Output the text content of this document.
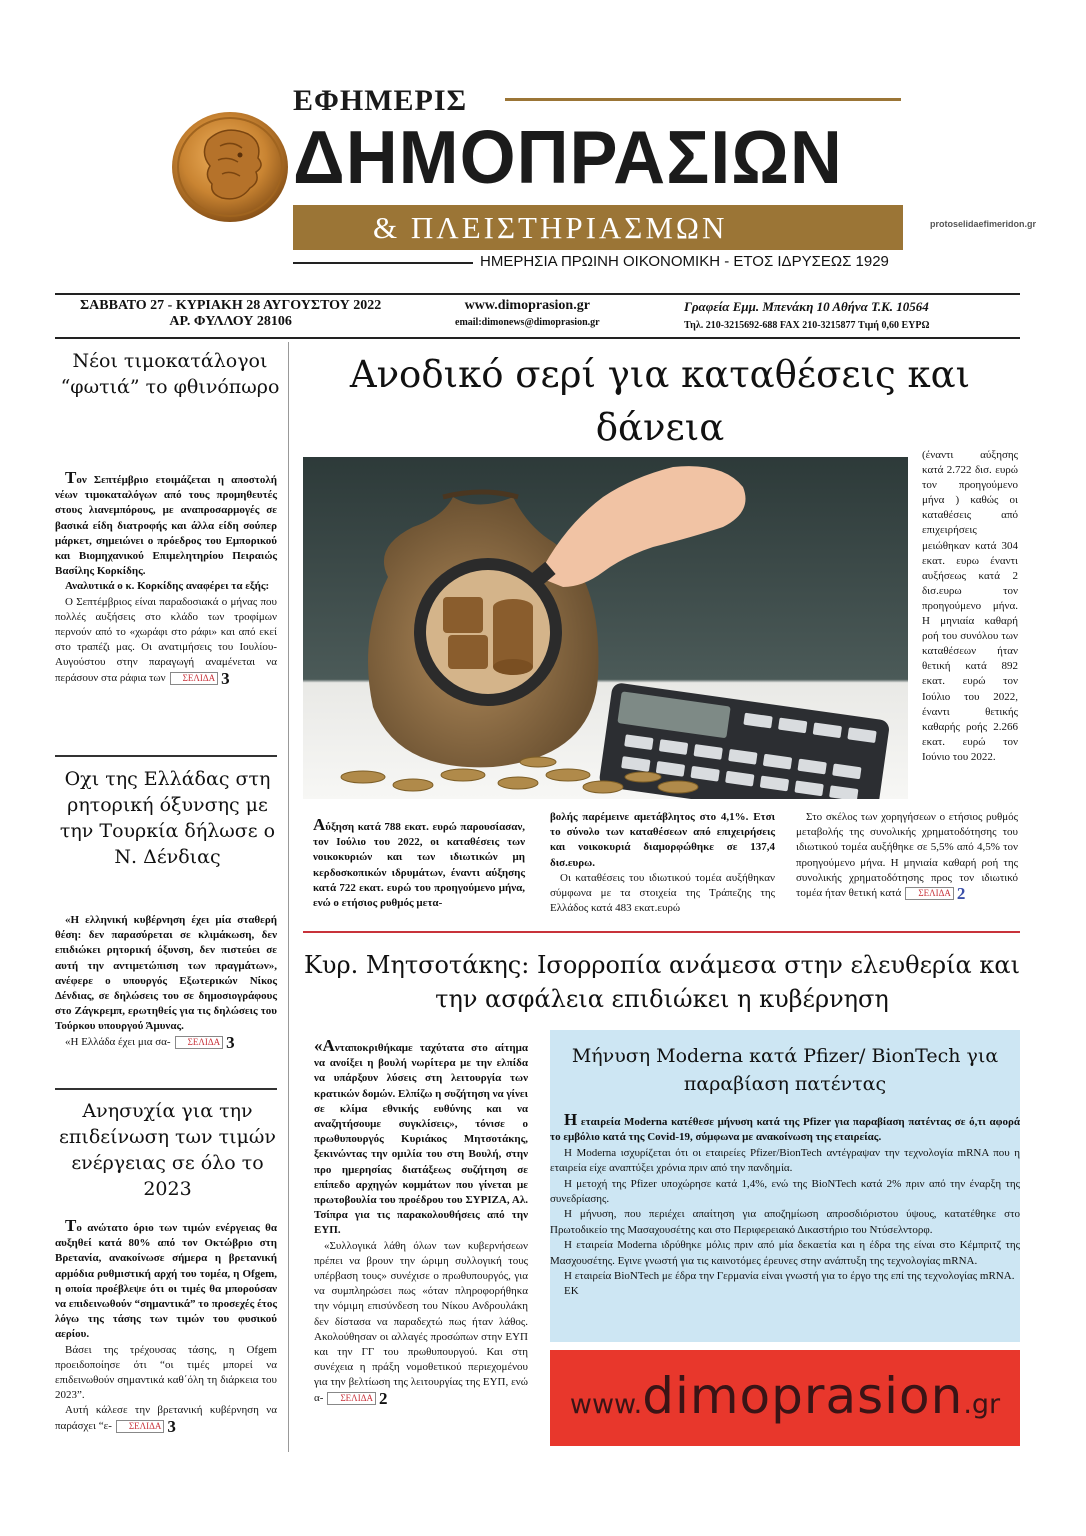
ΕΦΗΜΕΡΙΣ
ΔΗΜΟΠΡΑΣΙΩΝ
& ΠΛΕΙΣΤΗΡΙΑΣΜΩΝ
ΗΜΕΡΗΣΙΑ ΠΡΩΙΝΗ ΟΙΚΟΝΟΜΙΚΗ - ΕΤΟΣ ΙΔΡΥΣΕΩΣ 1929
protoselidaefimeridon.gr
ΣΑΒΒΑΤΟ 27 - ΚΥΡΙΑΚΗ 28 ΑΥΓΟΥΣΤΟΥ 2022
ΑΡ. ΦΥΛΛΟΥ 28106
www.dimoprasion.gr
email:dimonews@dimoprasion.gr
Γραφεία Εμμ. Μπενάκη 10 Αθήνα Τ.Κ. 10564
Τηλ. 210-3215692-688 FAX 210-3215877 Τιμή 0,60 ΕΥΡΩ
Νέοι τιμοκατάλογοι “φωτιά” το φθινόπωρο

Τον Σεπτέμβριο ετοιμάζεται η αποστολή νέων τιμοκαταλόγων από τους προμηθευτές στους λιανεμπόρους, με αναπροσαρμογές σε βασικά είδη διατροφής και άλλα είδη σούπερ μάρκετ, σημειώνει ο πρόεδρος του Εμπορικού και Βιομηχανικού Επιμελητηρίου Πειραιώς Βασίλης Κορκίδης.

Αναλυτικά ο κ. Κορκίδης αναφέρει τα εξής:

Ο Σεπτέμβριος είναι παραδοσιακά ο μήνας που πολλές αυξήσεις στο κλάδο των τροφίμων περνούν από το «χωράφι στο ράφι» και από εκεί στο τραπέζι μας. Οι ανατιμήσεις του Ιουλίου-Αυγούστου στην παραγωγή αναμένεται να περάσουν στα ράφια των ΣΕΛΙΔΑ 3

Οχι της Ελλάδας στη ρητορική όξυνσης με την Τουρκία δήλωσε ο Ν. Δένδιας

«Η ελληνική κυβέρνηση έχει μία σταθερή θέση: δεν παρασύρεται σε κλιμάκωση, δεν επιδιώκει ρητορική όξυνση, δεν πιστεύει σε αυτή την αντιμετώπιση των πραγμάτων», ανέφερε ο υπουργός Εξωτερικών Νίκος Δένδιας, σε δηλώσεις του σε δημοσιογράφους στο Ζάγκρεμπ, ερωτηθείς για τις δηλώσεις του Τούρκου υπουργού Άμυνας.

«Η Ελλάδα έχει μια σα- ΣΕΛΙΔΑ 3

Ανησυχία για την επιδείνωση των τιμών ενέργειας σε όλο το 2023

Το ανώτατο όριο των τιμών ενέργειας θα αυξηθεί κατά 80% από τον Οκτώβριο στη Βρετανία, ανακοίνωσε σήμερα η βρετανική αρμόδια ρυθμιστική αρχή του τομέα, η Ofgem, η οποία προέβλεψε ότι οι τιμές θα μπορούσαν να επιδεινωθούν “σημαντικά” το προσεχές έτος λόγω της τάσης των τιμών του φυσικού αερίου.

Βάσει της τρέχουσας τάσης, η Ofgem προειδοποίησε ότι “οι τιμές μπορεί να επιδεινωθούν σημαντικά καθ΄όλη τη διάρκεια του 2023”.

Αυτή κάλεσε την βρετανική κυβέρνηση να παράσχει “ε- ΣΕΛΙΔΑ 3

Ανοδικό σερί για καταθέσεις και δάνεια
(έναντι αύξησης κατά 2.722 δισ. ευρώ τον προηγούμενο μήνα ) καθώς οι καταθέσεις από επιχειρήσεις μειώθηκαν κατά 304 εκατ. ευρω έναντι αυξήσεως κατά 2 δισ.ευρω τον προηγούμενο μήνα. Η μηνιαία καθαρή ροή του συνόλου των καταθέσεων ήταν θετική κατά 892 εκατ. ευρώ τον Ιούλιο του 2022, έναντι θετικής καθαρής ροής 2.266 εκατ. ευρώ τον Ιούνιο του 2022.

Αύξηση κατά 788 εκατ. ευρώ παρουσίασαν, τον Ιούλιο του 2022, οι καταθέσεις των νοικοκυριών και των ιδιωτικών μη κερδοσκοπικών ιδρυμάτων, έναντι αύξησης κατά 722 εκατ. ευρώ του προηγούμενο μήνα, ενώ ο ετήσιος ρυθμός μετα-

βολής παρέμεινε αμετάβλητος στο 4,1%. Ετσι το σύνολο των καταθέσεων από επιχειρήσεις και νοικοκυριά διαμορφώθηκε σε 137,4 δισ.ευρω.

Οι καταθέσεις του ιδιωτικού τομέα αυξήθηκαν σύμφωνα με τα στοιχεία της Τράπεζης της Ελλάδος κατά 483 εκατ.ευρώ

Στο σκέλος των χορηγήσεων ο ετήσιος ρυθμός μεταβολής της συνολικής χρηματοδότησης του ιδιωτικού τομέα αυξήθηκε σε 5,5% από 4,5% τον προηγούμενο μήνα. Η μηνιαία καθαρή ροή της συνολικής χρηματοδότησης προς τον ιδιωτικό τομέα ήταν θετική κατά ΣΕΛΙΔΑ 2

Κυρ. Μητσοτάκης: Ισορροπία ανάμεσα στην ελευθερία και την ασφάλεια επιδιώκει η κυβέρνηση

«Ανταποκριθήκαμε ταχύτατα στο αίτημα να ανοίξει η βουλή νωρίτερα με την ελπίδα να υπάρξουν λύσεις στη λειτουργία των κρατικών δομών. Ελπίζω η συζήτηση να γίνει σε κλίμα εθνικής ευθύνης και να αναζητήσουμε συγκλίσεις», τόνισε ο πρωθυπουργός Κυριάκος Μητσοτάκης, ξεκινώντας την ομιλία του στη Βουλή, στην προ ημερησίας διατάξεως συζήτηση σε επίπεδο αρχηγών κομμάτων που γίνεται με πρωτοβουλία του προέδρου του ΣΥΡΙΖΑ, Αλ. Τσίπρα για τις παρακολουθήσεις από την ΕΥΠ.

«Συλλογικά λάθη όλων των κυβερνήσεων πρέπει να βρουν την ώριμη συλλογική τους υπέρβαση τους» συνέχισε ο πρωθυπουργός, για να συμπληρώσει πως «όταν πληροφορήθηκα την νόμιμη επισύνδεση του Νίκου Ανδρουλάκη δεν δίστασα να παραδεχτώ πως ήταν λάθος. Ακολούθησαν οι αλλαγές προσώπων στην ΕΥΠ και την ΓΓ του πρωθυπουργού. Και στη συνέχεια η πράξη νομοθετικού περιεχομένου για την βελτίωση της λειτουργίας της ΕΥΠ, ενώ α- ΣΕΛΙΔΑ 2

Μήνυση Moderna κατά Pfizer/ BionTech για παραβίαση πατέντας

Η εταιρεία Moderna κατέθεσε μήνυση κατά της Pfizer για παραβίαση πατέντας σε ό,τι αφορά το εμβόλιο κατά της Covid-19, σύμφωνα με ανακοίνωση της εταιρείας.

Η Moderna ισχυρίζεται ότι οι εταιρείες Pfizer/BionTech αντέγραψαν την τεχνολογία mRNA που η εταιρεία είχε αναπτύξει χρόνια πριν από την πανδημία.

Η μετοχή της Pfizer υποχώρησε κατά 1,4%, ενώ της BioNTech κατά 2% πριν από την έναρξη της συνεδρίασης.

Η μήνυση, που περιέχει απαίτηση για αποζημίωση απροσδιόριστου ύψους, κατατέθηκε στο Πρωτοδικείο της Μασαχουσέτης και στο Περιφερειακό Δικαστήριο του Ντύσελντορφ.

Η εταιρεία Moderna ιδρύθηκε μόλις πριν από μία δεκαετία και η έδρα της είναι στο Κέμπριτζ της Μασχουσέτης. Εγινε γνωστή για τις καινοτόμες έρευνες στην ανάπτυξη της τεχνολογίας mRNA.

Η εταιρεία BioNTech με έδρα την Γερμανία είναι γνωστή για το έργο της επί της τεχνολογίας mRNA.

ΕΚ

www.dimoprasion.gr
